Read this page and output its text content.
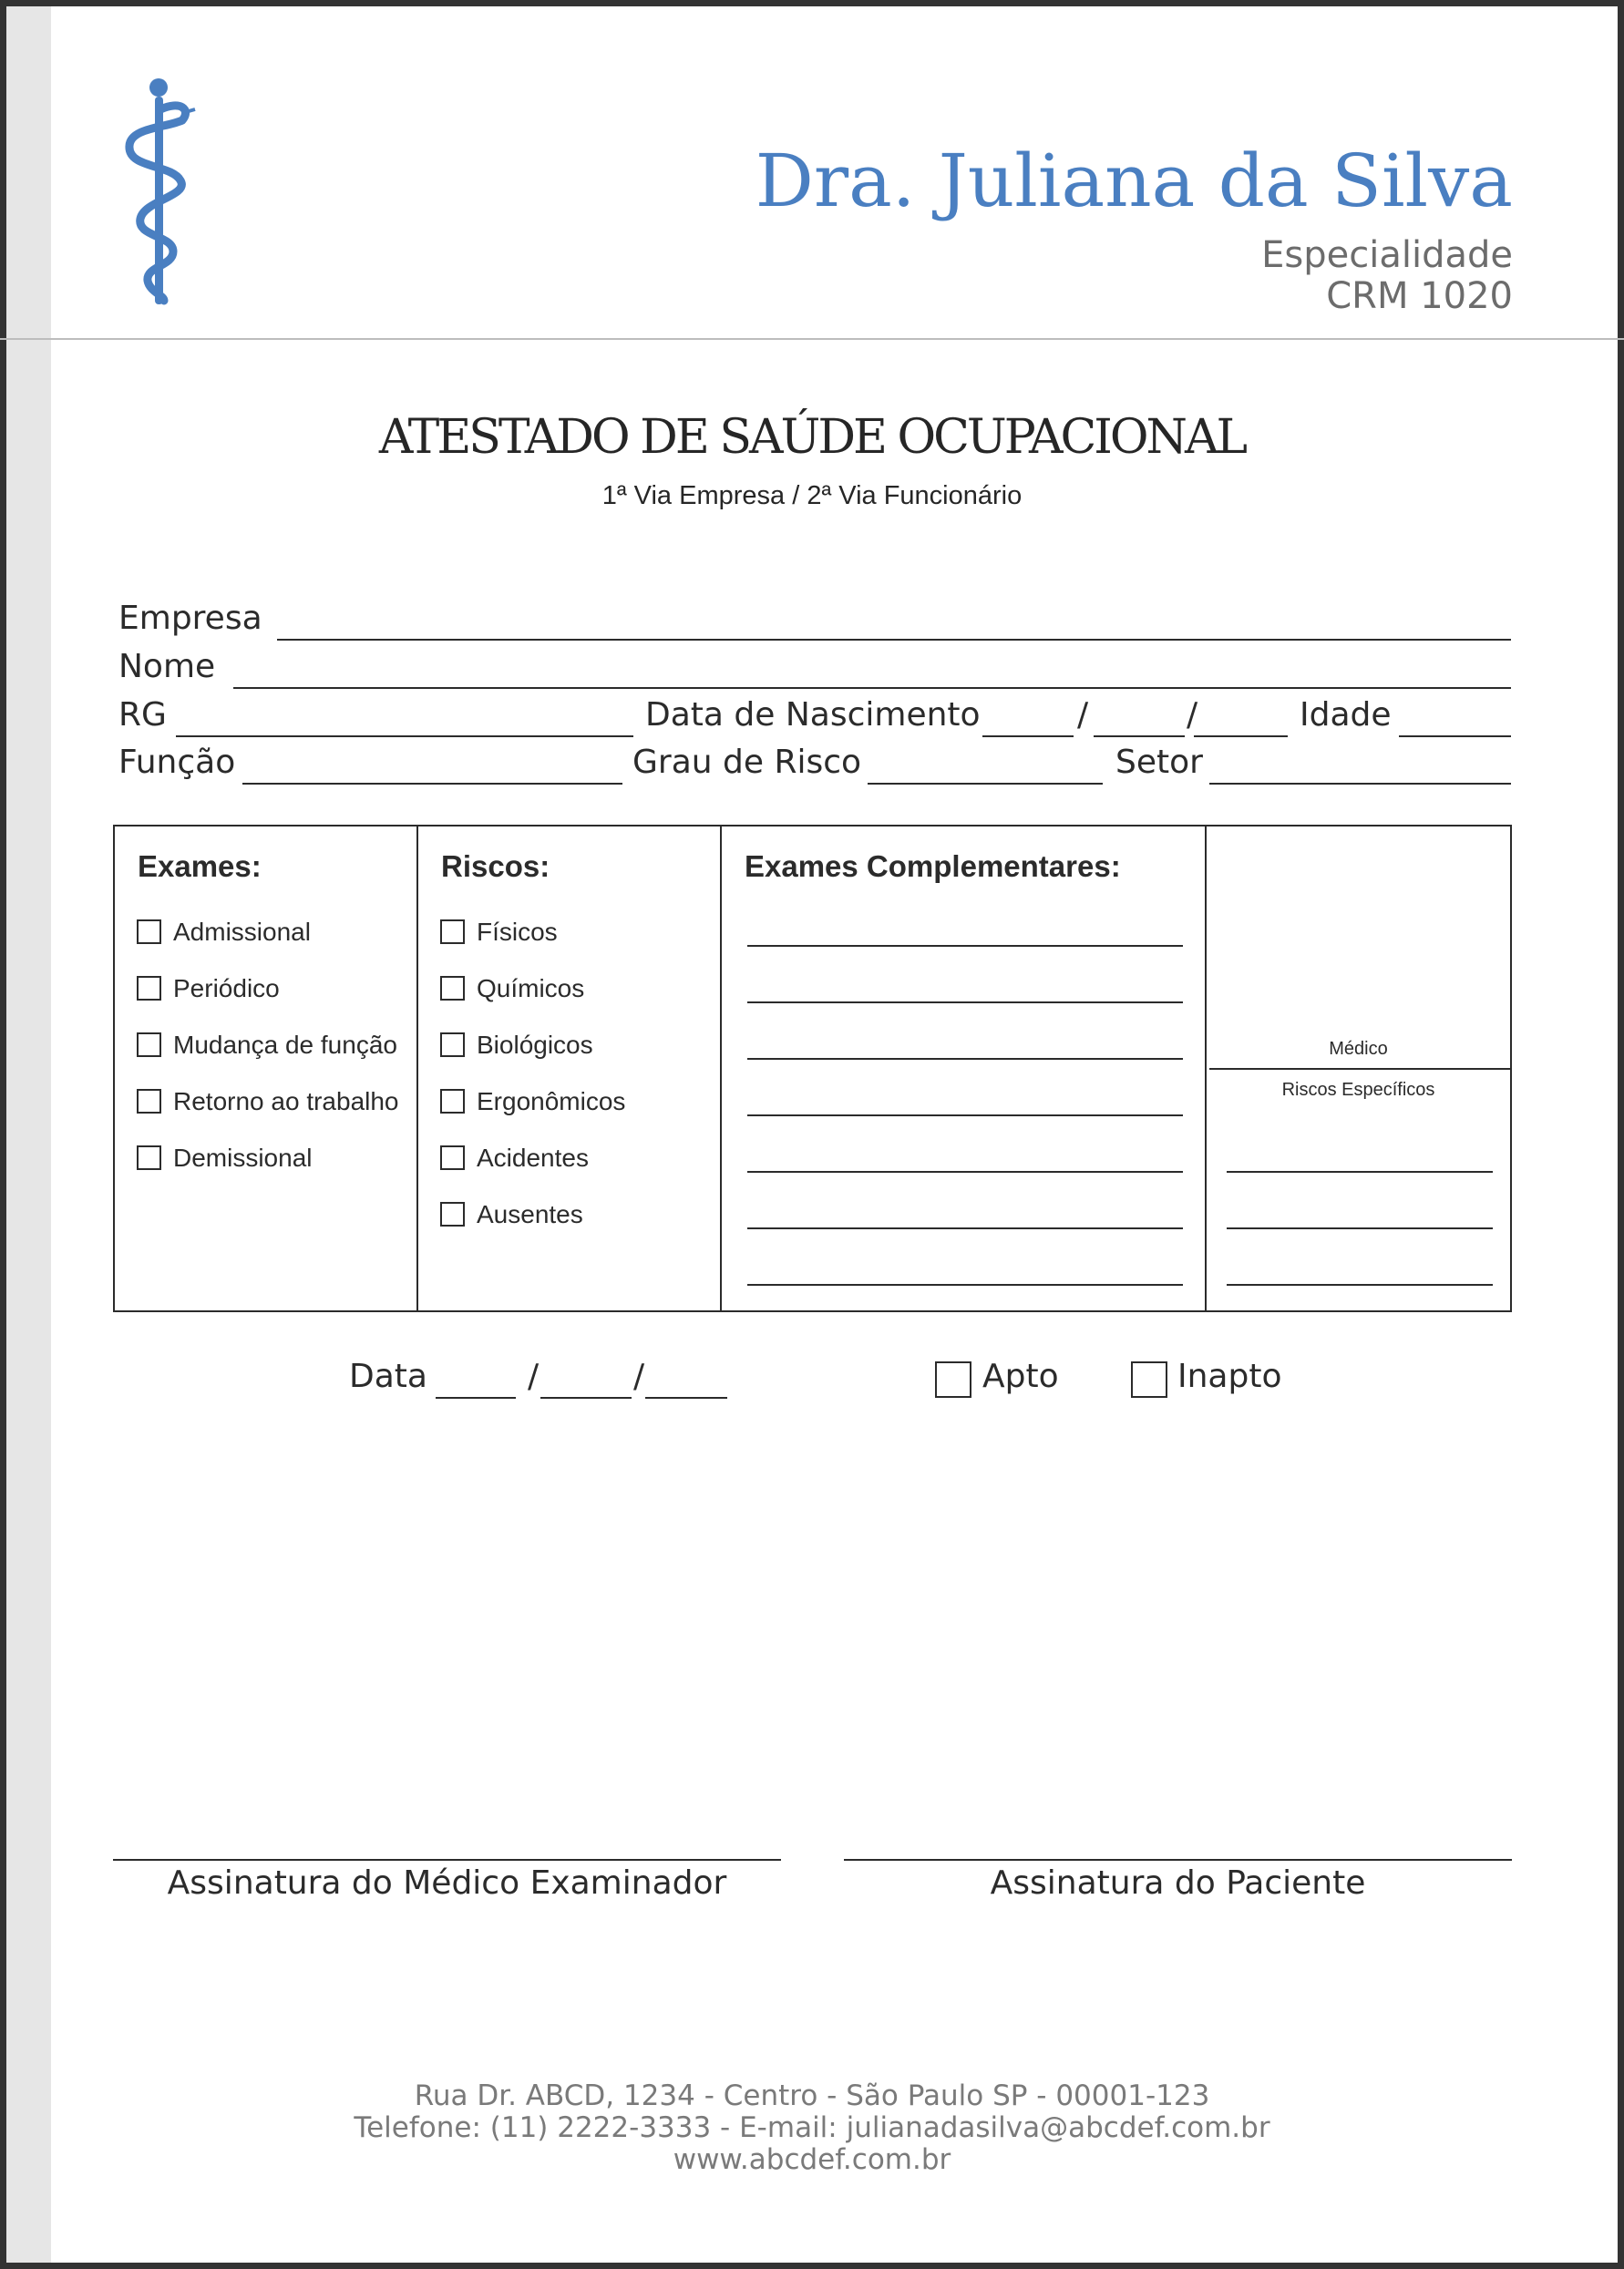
Dra. Juliana da Silva
Especialidade
CRM 1020
ATESTADO DE SAÚDE OCUPACIONAL
1ª Via Empresa / 2ª Via Funcionário
Empresa
Nome
RG	Data de Nascimento	/	/	Idade
Função	Grau de Risco	Setor
Exames:	Riscos:	Exames Complementares:
Admissional
Periódico
Mudança de função
Retorno ao trabalho
Demissional
Físicos
Químicos
Biológicos
Ergonômicos
Acidentes
Ausentes
Médico
Riscos Específicos
Data	/	/	Apto	Inapto
Assinatura do Médico Examinador	Assinatura do Paciente
Rua Dr. ABCD, 1234 - Centro - São Paulo SP - 00001-123
Telefone: (11) 2222-3333 - E-mail: julianadasilva@abcdef.com.br
www.abcdef.com.br
